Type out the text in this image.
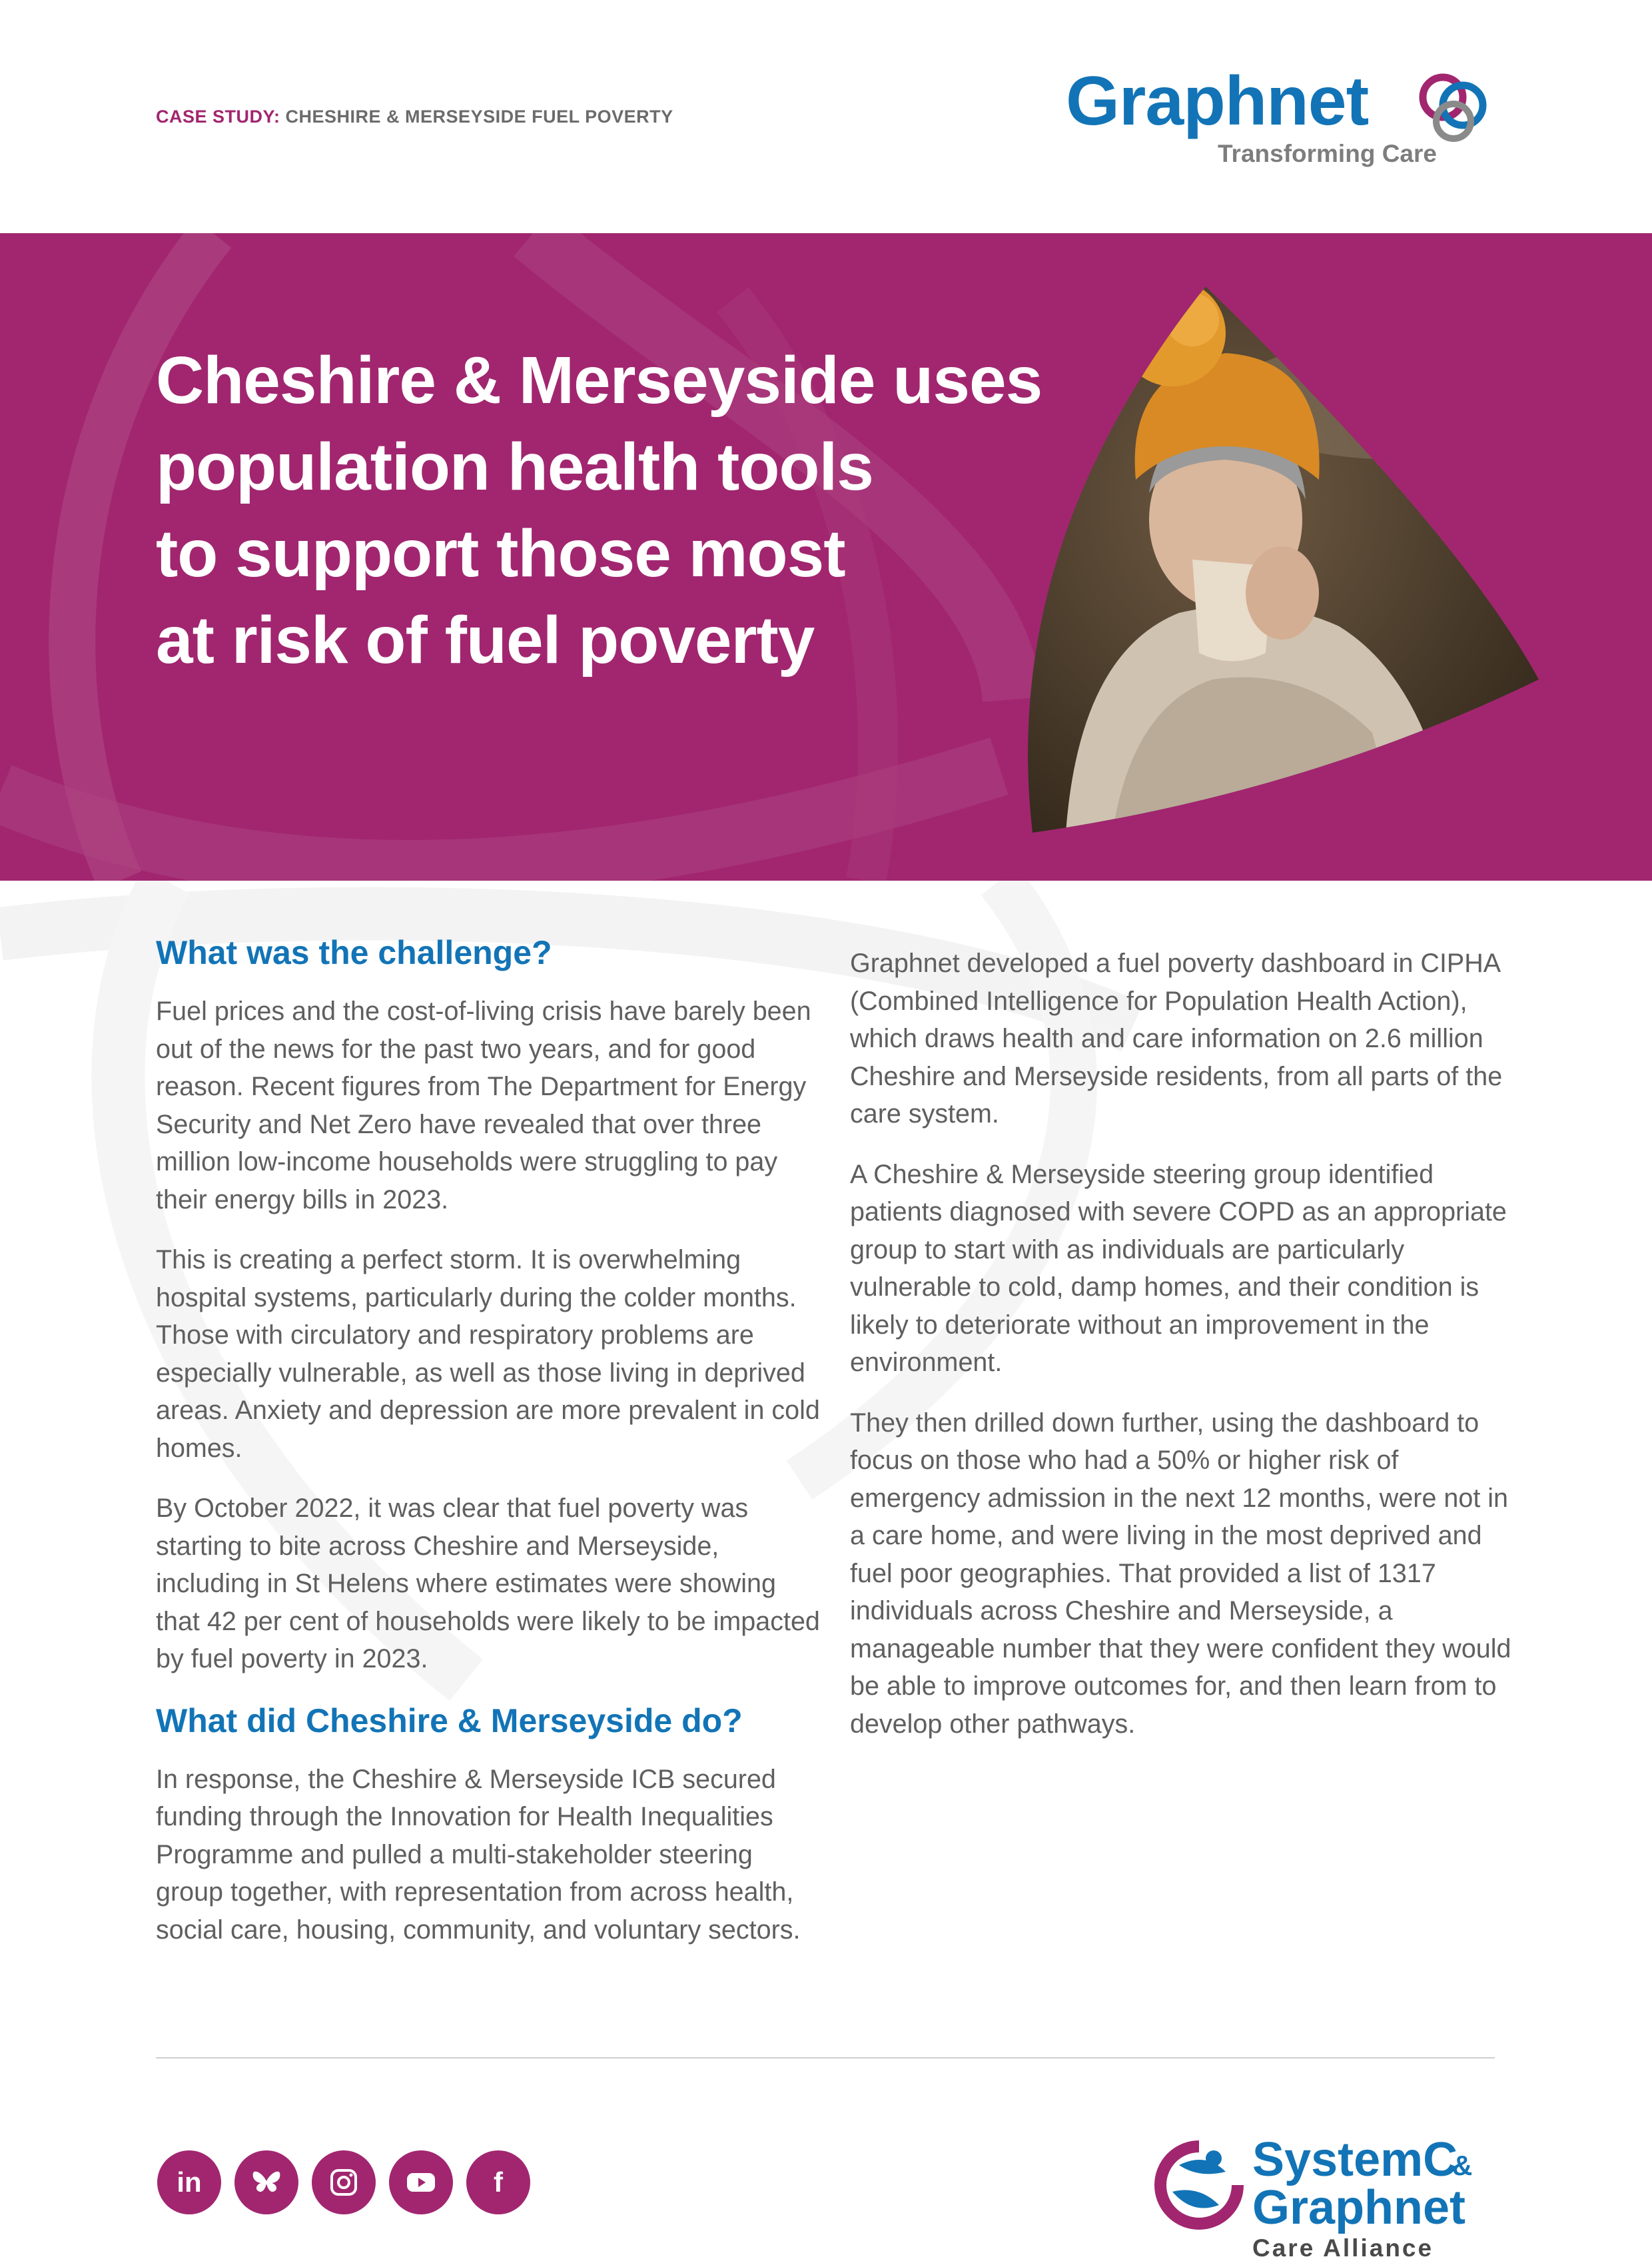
CASE STUDY: CHESHIRE & MERSEYSIDE FUEL POVERTY	Graphnet
Transforming Care
Cheshire & Merseyside uses
population health tools
to support those most
at risk of fuel poverty
What was the challenge?

Fuel prices and the cost-of-living crisis have barely been out of the news for the past two years, and for good reason. Recent figures from The Department for Energy Security and Net Zero have revealed that over three million low-income households were struggling to pay their energy bills in 2023.

This is creating a perfect storm. It is overwhelming hospital systems, particularly during the colder months. Those with circulatory and respiratory problems are especially vulnerable, as well as those living in deprived areas. Anxiety and depression are more prevalent in cold homes.

By October 2022, it was clear that fuel poverty was starting to bite across Cheshire and Merseyside, including in St Helens where estimates were showing that 42 per cent of households were likely to be impacted by fuel poverty in 2023.

What did Cheshire & Merseyside do?

In response, the Cheshire & Merseyside ICB secured funding through the Innovation for Health Inequalities Programme and pulled a multi-stakeholder steering group together, with representation from across health, social care, housing, community, and voluntary sectors.

Graphnet developed a fuel poverty dashboard in CIPHA (Combined Intelligence for Population Health Action), which draws health and care information on 2.6 million Cheshire and Merseyside residents, from all parts of the care system.

A Cheshire & Merseyside steering group identified patients diagnosed with severe COPD as an appropriate group to start with as individuals are particularly vulnerable to cold, damp homes, and their condition is likely to deteriorate without an improvement in the environment.

They then drilled down further, using the dashboard to focus on those who had a 50% or higher risk of emergency admission in the next 12 months, were not in a care home, and were living in the most deprived and fuel poor geographies. That provided a list of 1317 individuals across Cheshire and Merseyside, a manageable number that they were confident they would be able to improve outcomes for, and then learn from to develop other pathways.

in	f	SystemC
&
Graphnet
Care Alliance
